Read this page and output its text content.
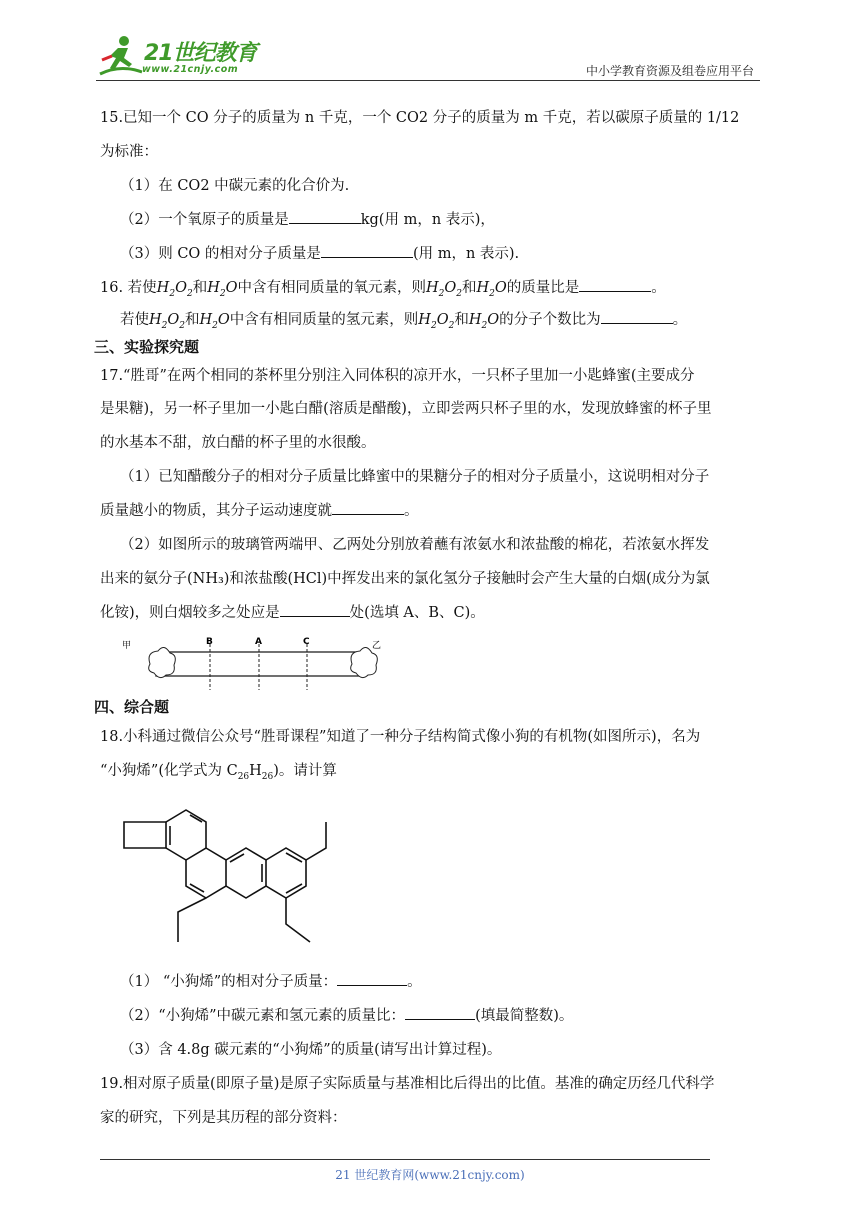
21世纪教育
www.21cnjy.com	中小学教育资源及组卷应用平台
15.已知一个 CO 分子的质量为 n 千克，一个 CO2 分子的质量为 m 千克，若以碳原子质量的 1/12
为标准：
（1）在 CO2 中碳元素的化合价为.
（2）一个氧原子的质量是	kg(用 m，n 表示)，
（3）则 CO 的相对分子质量是	(用 m，n 表示).
16. 若使$H_2O_2$和$H_2O$中含有相同质量的氧元素，则$H_2O_2$和$H_2O$的质量比是	。
若使$H_2O_2$和$H_2O$中含有相同质量的氢元素，则$H_2O_2$和$H_2O$的分子个数比为	。
三、实验探究题
17.“胜哥”在两个相同的茶杯里分别注入同体积的凉开水，一只杯子里加一小匙蜂蜜(主要成分
是果糖)，另一杯子里加一小匙白醋(溶质是醋酸)，立即尝两只杯子里的水，发现放蜂蜜的杯子里
的水基本不甜，放白醋的杯子里的水很酸。
（1）已知醋酸分子的相对分子质量比蜂蜜中的果糖分子的相对分子质量小，这说明相对分子
质量越小的物质，其分子运动速度就	。
（2）如图所示的玻璃管两端甲、乙两处分别放着蘸有浓氨水和浓盐酸的棉花，若浓氨水挥发
出来的氨分子(NH₃)和浓盐酸(HCl)中挥发出来的氯化氢分子接触时会产生大量的白烟(成分为氯
化铵)，则白烟较多之处应是	处(选填 A、B、C)。
甲	B	A	C	乙
四、综合题
18.小科通过微信公众号“胜哥课程”知道了一种分子结构简式像小狗的有机物(如图所示)，名为
“小狗烯”(化学式为 $C_{26}H_{26}$)。请计算
（1） “小狗烯”的相对分子质量：	。
（2）“小狗烯”中碳元素和氢元素的质量比：	(填最简整数)。
（3）含 4.8g 碳元素的“小狗烯”的质量(请写出计算过程)。
19.相对原子质量(即原子量)是原子实际质量与基准相比后得出的比值。基准的确定历经几代科学
家的研究，下列是其历程的部分资料：
21 世纪教育网(www.21cnjy.com)
